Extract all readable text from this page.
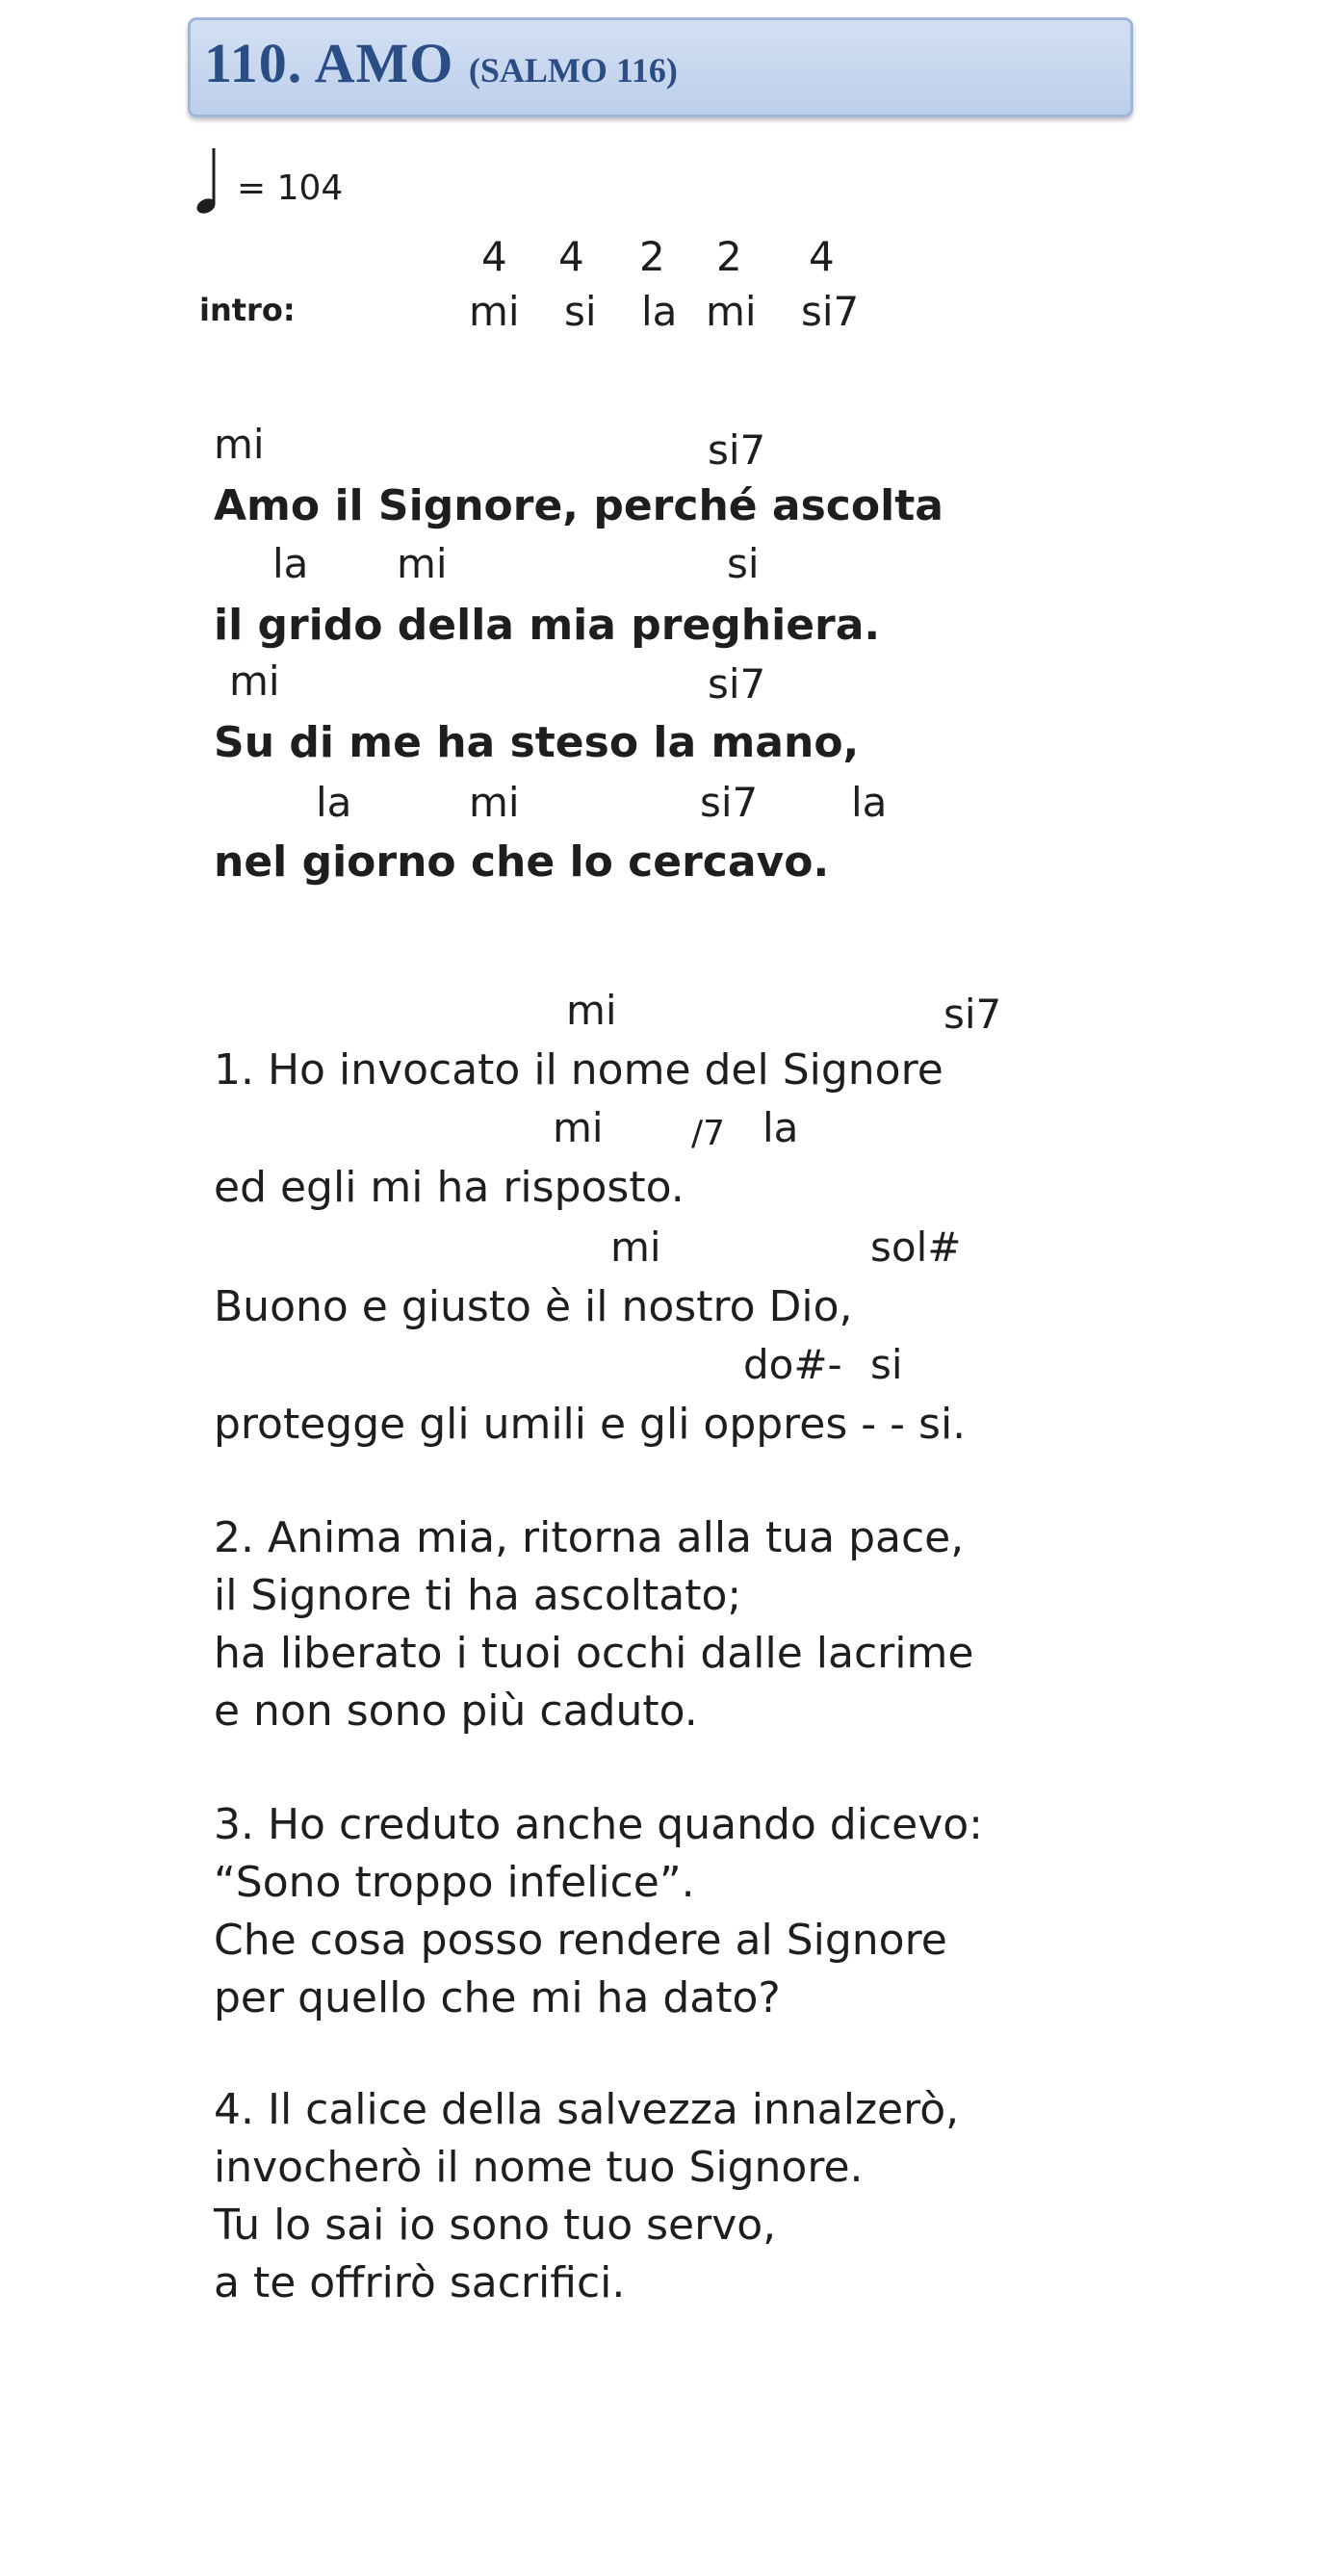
110. AMO (SALMO 116)
= 104
4 4 2 2 4
intro:	mi si la mi si7
mi	si7
Amo il Signore, perché ascolta
la mi	si
il grido della mia preghiera.
mi	si7
Su di me ha steso la mano,
la	mi	si7 la
nel giorno che lo cercavo.
mi	si7
1. Ho invocato il nome del Signore
mi	/7 la
ed egli mi ha risposto.
mi	sol#
Buono e giusto è il nostro Dio,
do#- si
protegge gli umili e gli oppres - - si.
2. Anima mia, ritorna alla tua pace,
il Signore ti ha ascoltato;
ha liberato i tuoi occhi dalle lacrime
e non sono più caduto.
3. Ho creduto anche quando dicevo:
“Sono troppo infelice”.
Che cosa posso rendere al Signore
per quello che mi ha dato?
4. Il calice della salvezza innalzerò,
invocherò il nome tuo Signore.
Tu lo sai io sono tuo servo,
a te offrirò sacrifici.
